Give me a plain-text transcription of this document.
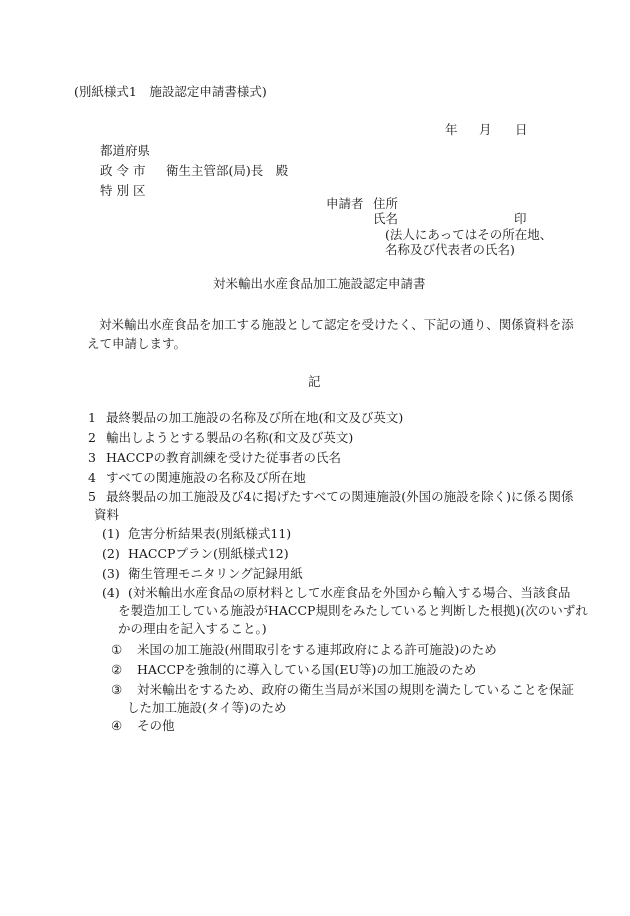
(別紙様式1　施設認定申請書様式)
年 月 日
都道府県
政 令 市 衛生主管部(局)長　殿
特 別 区
申請者 住所
氏名	印
(法人にあってはその所在地、
名称及び代表者の氏名)
対米輸出水産食品加工施設認定申請書
対米輸出水産食品を加工する施設として認定を受けたく、下記の通り、関係資料を添
えて申請します。
記
1 最終製品の加工施設の名称及び所在地(和文及び英文)
2 輸出しようとする製品の名称(和文及び英文)
3 HACCPの教育訓練を受けた従事者の氏名
4 すべての関連施設の名称及び所在地
5 最終製品の加工施設及び4に掲げたすべての関連施設(外国の施設を除く)に係る関係
資料
(1) 危害分析結果表(別紙様式11)
(2) HACCPプラン(別紙様式12)
(3) 衛生管理モニタリング記録用紙
(4) (対米輸出水産食品の原材料として水産食品を外国から輸入する場合、当該食品
を製造加工している施設がHACCP規則をみたしていると判断した根拠)(次のいずれ
かの理由を記入すること。)
① 米国の加工施設(州間取引をする連邦政府による許可施設)のため
② HACCPを強制的に導入している国(EU等)の加工施設のため
③ 対米輸出をするため、政府の衛生当局が米国の規則を満たしていることを保証
した加工施設(タイ等)のため
④ その他
